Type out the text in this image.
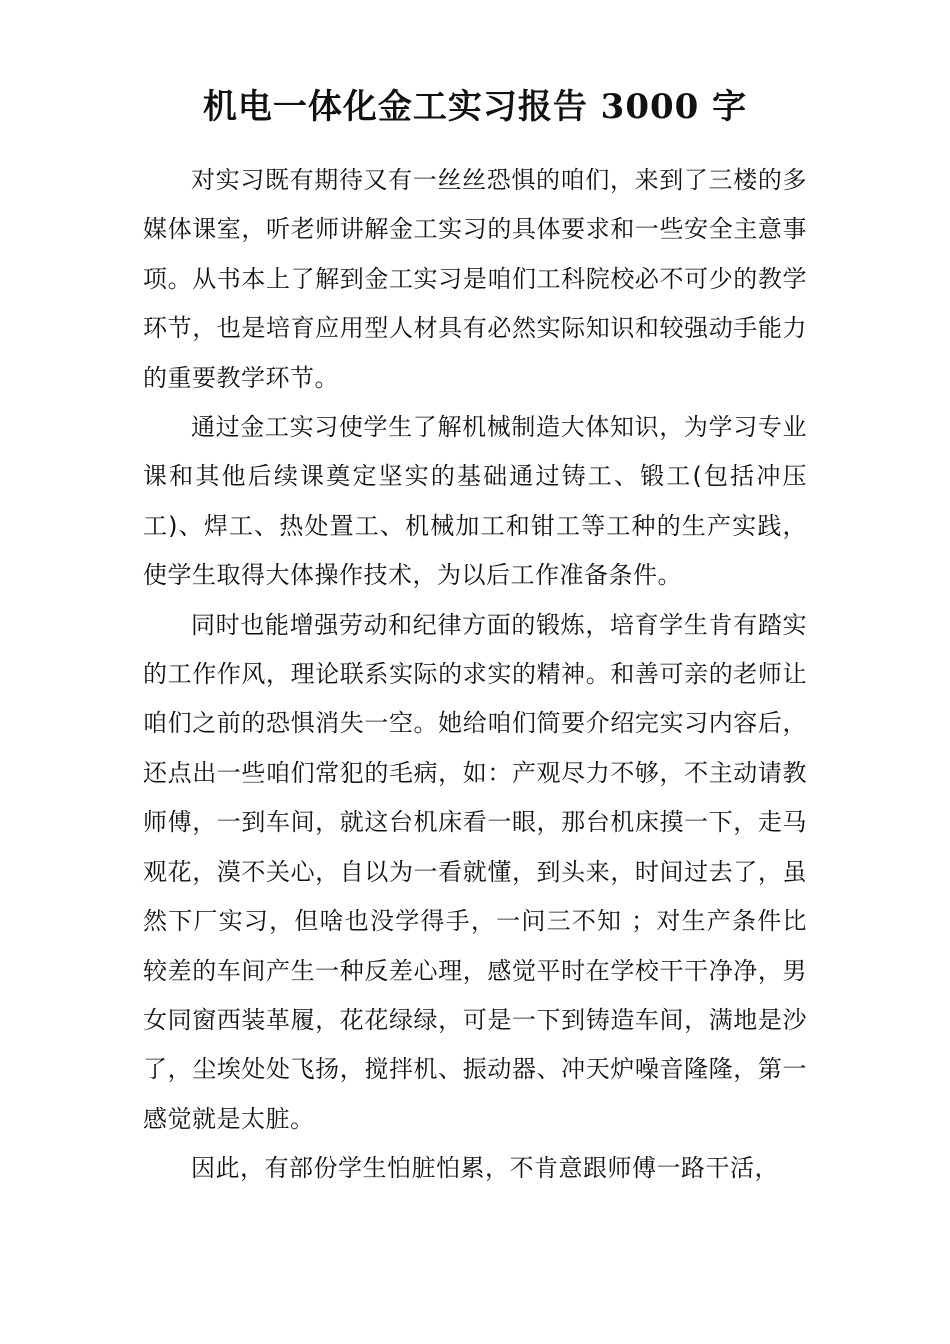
机电一体化金工实习报告 3000 字

对实习既有期待又有一丝丝恐惧的咱们，来到了三楼的多媒体课室，听老师讲解金工实习的具体要求和一些安全主意事项。从书本上了解到金工实习是咱们工科院校必不可少的教学环节，也是培育应用型人材具有必然实际知识和较强动手能力的重要教学环节。

通过金工实习使学生了解机械制造大体知识，为学习专业课和其他后续课奠定坚实的基础通过铸工、锻工(包括冲压工)、焊工、热处置工、机械加工和钳工等工种的生产实践，使学生取得大体操作技术，为以后工作准备条件。

同时也能增强劳动和纪律方面的锻炼，培育学生肯有踏实的工作作风，理论联系实际的求实的精神。和善可亲的老师让咱们之前的恐惧消失一空。她给咱们简要介绍完实习内容后，还点出一些咱们常犯的毛病，如：产观尽力不够，不主动请教师傅，一到车间，就这台机床看一眼，那台机床摸一下，走马观花，漠不关心，自以为一看就懂，到头来，时间过去了，虽然下厂实习，但啥也没学得手，一问三不知 ；对生产条件比较差的车间产生一种反差心理，感觉平时在学校干干净净，男女同窗西装革履，花花绿绿，可是一下到铸造车间，满地是沙了，尘埃处处飞扬，搅拌机、振动器、冲天炉噪音隆隆，第一感觉就是太脏。

因此，有部份学生怕脏怕累，不肯意跟师傅一路干活，
